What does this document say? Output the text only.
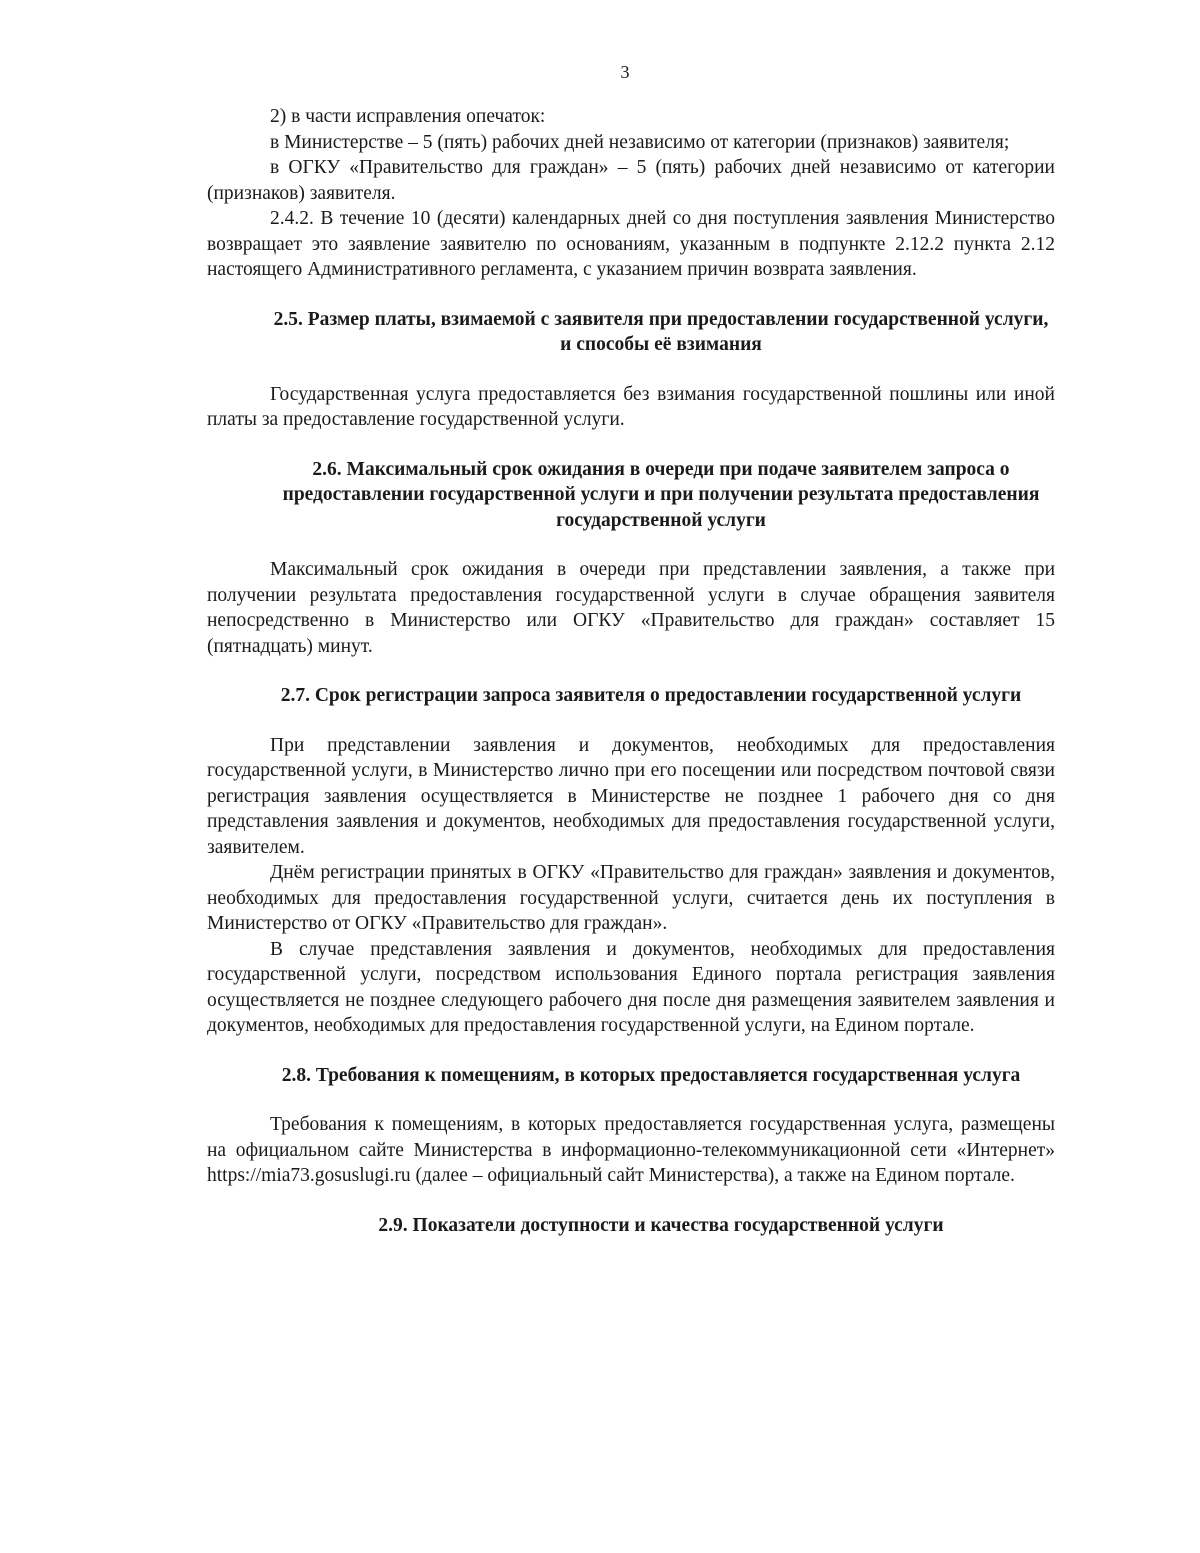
3

2) в части исправления опечаток:

в Министерстве – 5 (пять) рабочих дней независимо от категории (признаков) заявителя;

в ОГКУ «Правительство для граждан» – 5 (пять) рабочих дней независимо от категории (признаков) заявителя.

2.4.2. В течение 10 (десяти) календарных дней со дня поступления заявления Министерство возвращает это заявление заявителю по основаниям, указанным в подпункте 2.12.2 пункта 2.12 настоящего Административного регламента, с указанием причин возврата заявления.

2.5. Размер платы, взимаемой с заявителя при предоставлении государственной услуги, и способы её взимания

Государственная услуга предоставляется без взимания государственной пошлины или иной платы за предоставление государственной услуги.

2.6. Максимальный срок ожидания в очереди при подаче заявителем запроса о предоставлении государственной услуги и при получении результата предоставления государственной услуги

Максимальный срок ожидания в очереди при представлении заявления, а также при получении результата предоставления государственной услуги в случае обращения заявителя непосредственно в Министерство или ОГКУ «Правительство для граждан» составляет 15 (пятнадцать) минут.

2.7. Срок регистрации запроса заявителя о предоставлении государственной услуги

При представлении заявления и документов, необходимых для предоставления государственной услуги, в Министерство лично при его посещении или посредством почтовой связи регистрация заявления осуществляется в Министерстве не позднее 1 рабочего дня со дня представления заявления и документов, необходимых для предоставления государственной услуги, заявителем.

Днём регистрации принятых в ОГКУ «Правительство для граждан» заявления и документов, необходимых для предоставления государственной услуги, считается день их поступления в Министерство от ОГКУ «Правительство для граждан».

В случае представления заявления и документов, необходимых для предоставления государственной услуги, посредством использования Единого портала регистрация заявления осуществляется не позднее следующего рабочего дня после дня размещения заявителем заявления и документов, необходимых для предоставления государственной услуги, на Едином портале.

2.8. Требования к помещениям, в которых предоставляется государственная услуга

Требования к помещениям, в которых предоставляется государственная услуга, размещены на официальном сайте Министерства в информационно-телекоммуникационной сети «Интернет» https://mia73.gosuslugi.ru (далее – официальный сайт Министерства), а также на Едином портале.

2.9. Показатели доступности и качества государственной услуги
